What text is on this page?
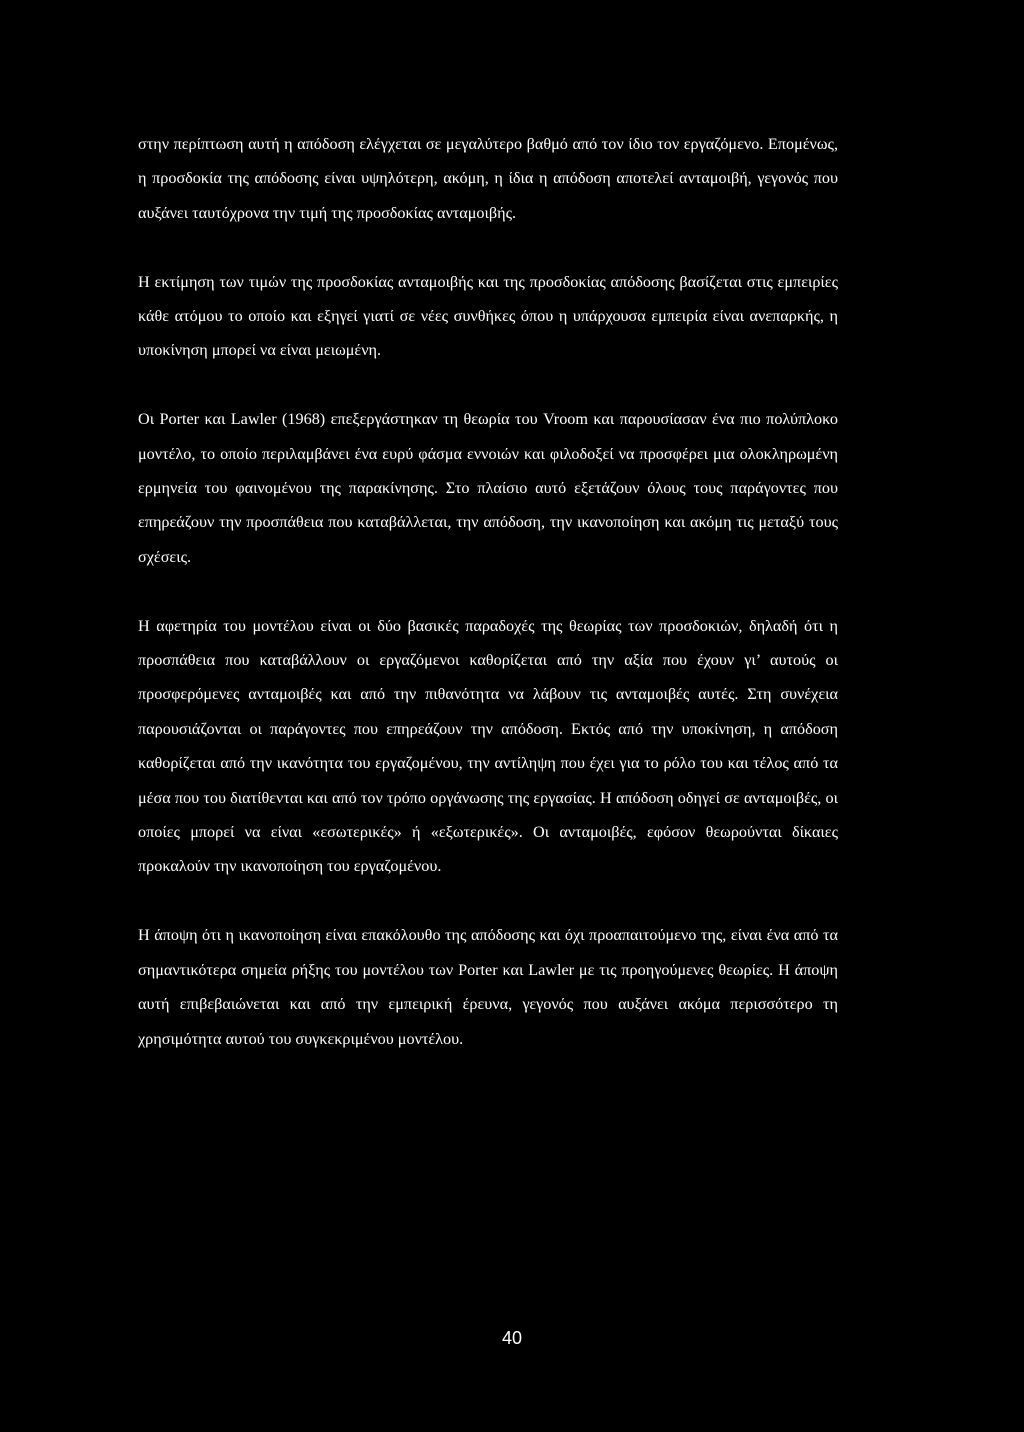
στην περίπτωση αυτή η απόδοση ελέγχεται σε μεγαλύτερο βαθμό από τον ίδιο τον εργαζόμενο. Επομένως, η προσδοκία της απόδοσης είναι υψηλότερη, ακόμη, η ίδια η απόδοση αποτελεί ανταμοιβή, γεγονός που αυξάνει ταυτόχρονα την τιμή της προσδοκίας ανταμοιβής.

Η εκτίμηση των τιμών της προσδοκίας ανταμοιβής και της προσδοκίας απόδοσης βασίζεται στις εμπειρίες κάθε ατόμου το οποίο και εξηγεί γιατί σε νέες συνθήκες όπου η υπάρχουσα εμπειρία είναι ανεπαρκής, η υποκίνηση μπορεί να είναι μειωμένη.

Οι Porter και Lawler (1968) επεξεργάστηκαν τη θεωρία του Vroom και παρουσίασαν ένα πιο πολύπλοκο μοντέλο, το οποίο περιλαμβάνει ένα ευρύ φάσμα εννοιών και φιλοδοξεί να προσφέρει μια ολοκληρωμένη ερμηνεία του φαινομένου της παρακίνησης. Στο πλαίσιο αυτό εξετάζουν όλους τους παράγοντες που επηρεάζουν την προσπάθεια που καταβάλλεται, την απόδοση, την ικανοποίηση και ακόμη τις μεταξύ τους σχέσεις.

Η αφετηρία του μοντέλου είναι οι δύο βασικές παραδοχές της θεωρίας των προσδοκιών, δηλαδή ότι η προσπάθεια που καταβάλλουν οι εργαζόμενοι καθορίζεται από την αξία που έχουν γι’ αυτούς οι προσφερόμενες ανταμοιβές και από την πιθανότητα να λάβουν τις ανταμοιβές αυτές. Στη συνέχεια παρουσιάζονται οι παράγοντες που επηρεάζουν την απόδοση. Εκτός από την υποκίνηση, η απόδοση καθορίζεται από την ικανότητα του εργαζομένου, την αντίληψη που έχει για το ρόλο του και τέλος από τα μέσα που του διατίθενται και από τον τρόπο οργάνωσης της εργασίας. Η απόδοση οδηγεί σε ανταμοιβές, οι οποίες μπορεί να είναι «εσωτερικές» ή «εξωτερικές». Οι ανταμοιβές, εφόσον θεωρούνται δίκαιες προκαλούν την ικανοποίηση του εργαζομένου.

Η άποψη ότι η ικανοποίηση είναι επακόλουθο της απόδοσης και όχι προαπαιτούμενο της, είναι ένα από τα σημαντικότερα σημεία ρήξης του μοντέλου των Porter και Lawler με τις προηγούμενες θεωρίες. Η άποψη αυτή επιβεβαιώνεται και από την εμπειρική έρευνα, γεγονός που αυξάνει ακόμα περισσότερο τη χρησιμότητα αυτού του συγκεκριμένου μοντέλου.

40
